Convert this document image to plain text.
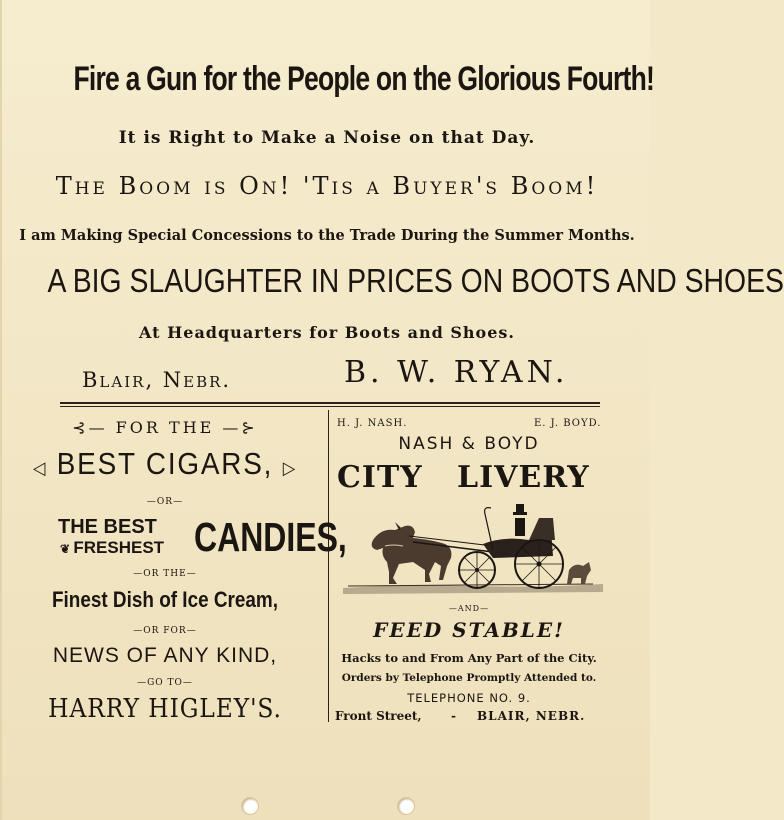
Fire a Gun for the People on the Glorious Fourth!
It is Right to Make a Noise on that Day.
The Boom is On! 'Tis a Buyer's Boom!
I am Making Special Concessions to the Trade During the Summer Months.
A BIG SLAUGHTER IN PRICES ON BOOTS AND SHOES
At Headquarters for Boots and Shoes.
Blair, Nebr.	B. W. RYAN.
⊰— FOR THE —⊱
◁ BEST CIGARS, ▷
—OR—
THE BEST
❦ FRESHEST CANDIES,
—OR THE—
Finest Dish of Ice Cream,
—OR FOR—
NEWS OF ANY KIND,
—GO TO—
HARRY HIGLEY'S.
H. J. NASH.	E. J. BOYD.
NASH & BOYD
CITY LIVERY
—AND—
FEED STABLE!
Hacks to and From Any Part of the City.
Orders by Telephone Promptly Attended to.
TELEPHONE NO. 9.
Front Street, - BLAIR, NEBR.
